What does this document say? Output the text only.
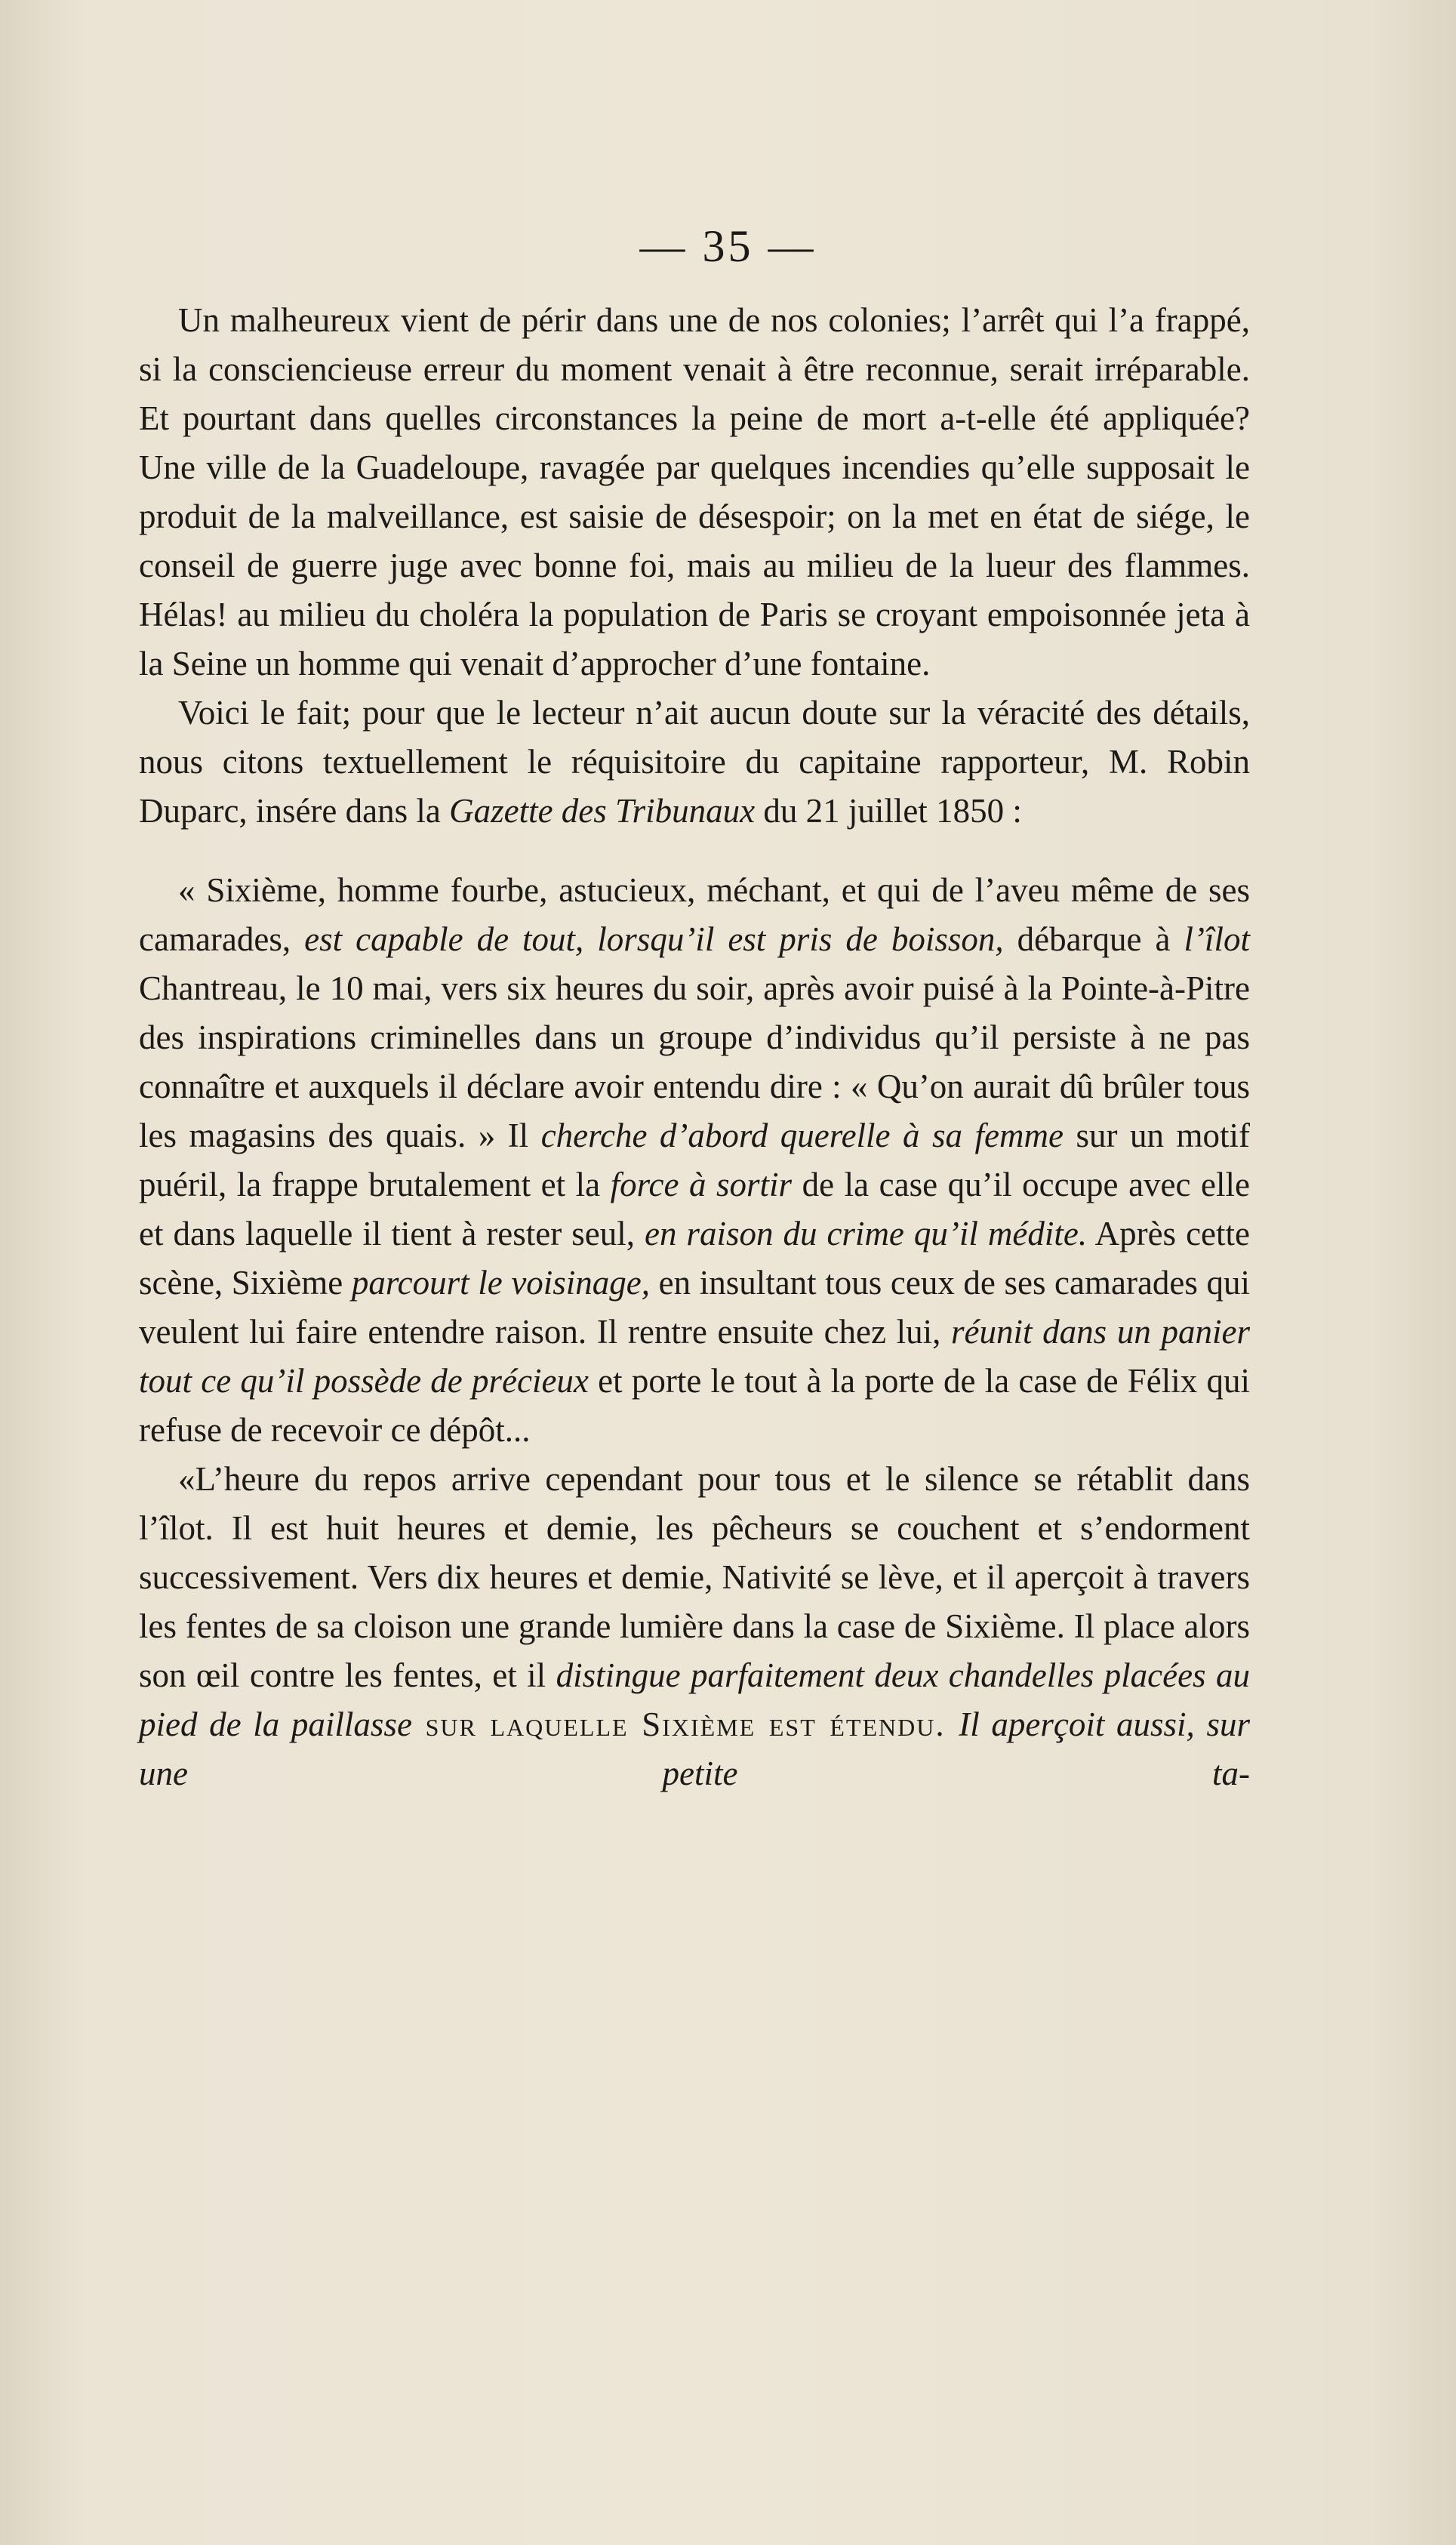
— 35 —

Un malheureux vient de périr dans une de nos colonies; l’arrêt qui l’a frappé, si la consciencieuse erreur du moment venait à être reconnue, serait irréparable. Et pourtant dans quelles circonstances la peine de mort a-t-elle été appliquée? Une ville de la Guadeloupe, ravagée par quelques incendies qu’elle supposait le produit de la malveillance, est saisie de désespoir; on la met en état de siége, le conseil de guerre juge avec bonne foi, mais au milieu de la lueur des flammes. Hélas! au milieu du choléra la population de Paris se croyant empoisonnée jeta à la Seine un homme qui venait d’approcher d’une fontaine.

Voici le fait; pour que le lecteur n’ait aucun doute sur la véracité des détails, nous citons textuellement le réquisitoire du capitaine rapporteur, M. Robin Duparc, insére dans la Gazette des Tribunaux du 21 juillet 1850 :

« Sixième, homme fourbe, astucieux, méchant, et qui de l’aveu même de ses camarades, est capable de tout, lorsqu’il est pris de boisson, débarque à l’îlot Chantreau, le 10 mai, vers six heures du soir, après avoir puisé à la Pointe-à-Pitre des inspirations criminelles dans un groupe d’individus qu’il persiste à ne pas connaître et auxquels il déclare avoir entendu dire : « Qu’on aurait dû brûler tous les magasins des quais. » Il cherche d’abord querelle à sa femme sur un motif puéril, la frappe brutalement et la force à sortir de la case qu’il occupe avec elle et dans laquelle il tient à rester seul, en raison du crime qu’il médite. Après cette scène, Sixième parcourt le voisinage, en insultant tous ceux de ses camarades qui veulent lui faire entendre raison. Il rentre ensuite chez lui, réunit dans un panier tout ce qu’il possède de précieux et porte le tout à la porte de la case de Félix qui refuse de recevoir ce dépôt...

«L’heure du repos arrive cependant pour tous et le silence se rétablit dans l’îlot. Il est huit heures et demie, les pêcheurs se couchent et s’endorment successivement. Vers dix heures et demie, Nativité se lève, et il aperçoit à travers les fentes de sa cloison une grande lumière dans la case de Sixième. Il place alors son œil contre les fentes, et il distingue parfaitement deux chandelles placées au pied de la paillasse sur laquelle Sixième est étendu. Il aperçoit aussi, sur une petite ta-
